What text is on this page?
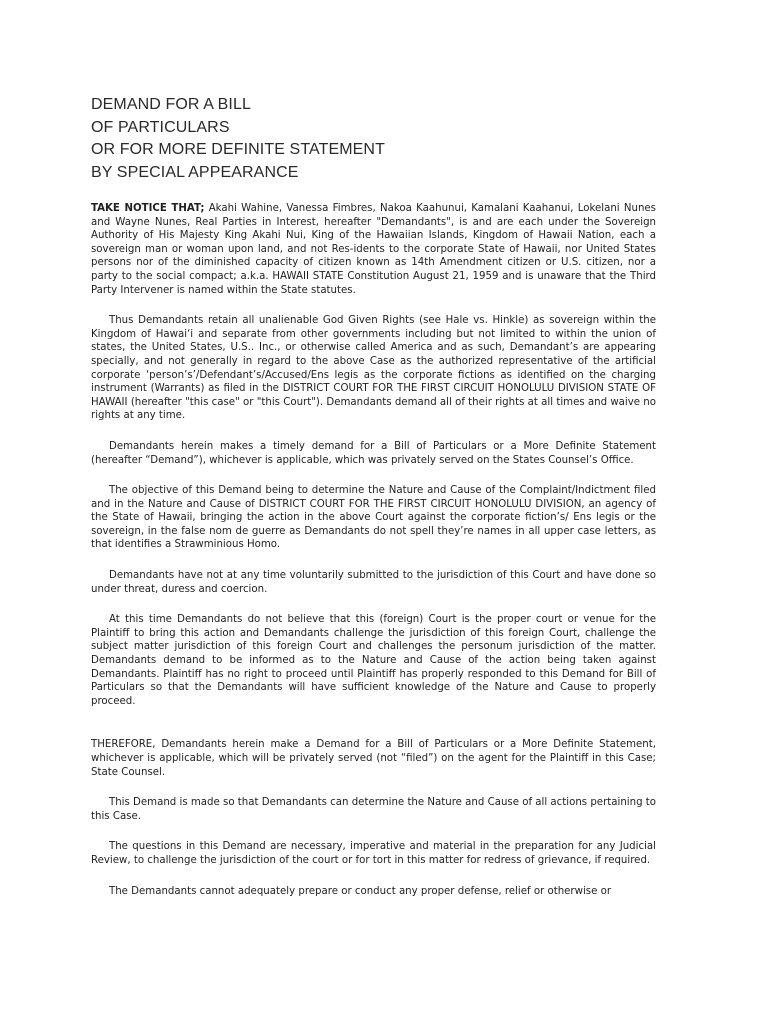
DEMAND FOR A BILL
OF PARTICULARS
OR FOR MORE DEFINITE STATEMENT
BY SPECIAL APPEARANCE

TAKE NOTICE THAT; Akahi Wahine, Vanessa Fimbres, Nakoa Kaahunui, Kamalani Kaahanui, Lokelani Nunes and Wayne Nunes, Real Parties in Interest, hereafter "Demandants", is and are each under the Sovereign Authority of His Majesty King Akahi Nui, King of the Hawaiian Islands, Kingdom of Hawaii Nation, each a sovereign man or woman upon land, and not Res-idents to the corporate State of Hawaii, nor United States persons nor of the diminished capacity of citizen known as 14th Amendment citizen or U.S. citizen, nor a party to the social compact; a.k.a. HAWAII STATE Constitution August 21, 1959 and is unaware that the Third Party Intervener is named within the State statutes.

Thus Demandants retain all unalienable God Given Rights (see Hale vs. Hinkle) as sovereign within the Kingdom of Hawai‘i and separate from other governments including but not limited to within the union of states, the United States, U.S.. Inc., or otherwise called America and as such, Demandant’s are appearing specially, and not generally in regard to the above Case as the authorized representative of the artificial corporate ‘person’s’/Defendant’s/Accused/Ens legis as the corporate fictions as identified on the charging instrument (Warrants) as filed in the DISTRICT COURT FOR THE FIRST CIRCUIT HONOLULU DIVISION STATE OF HAWAII (hereafter "this case" or "this Court"). Demandants demand all of their rights at all times and waive no rights at any time.

Demandants herein makes a timely demand for a Bill of Particulars or a More Definite Statement (hereafter “Demand”), whichever is applicable, which was privately served on the States Counsel’s Office.

The objective of this Demand being to determine the Nature and Cause of the Complaint/Indictment filed and in the Nature and Cause of DISTRICT COURT FOR THE FIRST CIRCUIT HONOLULU DIVISION, an agency of the State of Hawaii, bringing the action in the above Court against the corporate fiction’s/ Ens legis or the sovereign, in the false nom de guerre as Demandants do not spell they’re names in all upper case letters, as that identifies a Strawminious Homo.

Demandants have not at any time voluntarily submitted to the jurisdiction of this Court and have done so under threat, duress and coercion.

At this time Demandants do not believe that this (foreign) Court is the proper court or venue for the Plaintiff to bring this action and Demandants challenge the jurisdiction of this foreign Court, challenge the subject matter jurisdiction of this foreign Court and challenges the personum jurisdiction of the matter. Demandants demand to be informed as to the Nature and Cause of the action being taken against Demandants. Plaintiff has no right to proceed until Plaintiff has properly responded to this Demand for Bill of Particulars so that the Demandants will have sufficient knowledge of the Nature and Cause to properly proceed.

THEREFORE, Demandants herein make a Demand for a Bill of Particulars or a More Definite Statement, whichever is applicable, which will be privately served (not “filed”) on the agent for the Plaintiff in this Case; State Counsel.

This Demand is made so that Demandants can determine the Nature and Cause of all actions pertaining to this Case.

The questions in this Demand are necessary, imperative and material in the preparation for any Judicial Review, to challenge the jurisdiction of the court or for tort in this matter for redress of grievance, if required.

The Demandants cannot adequately prepare or conduct any proper defense, relief or otherwise or
